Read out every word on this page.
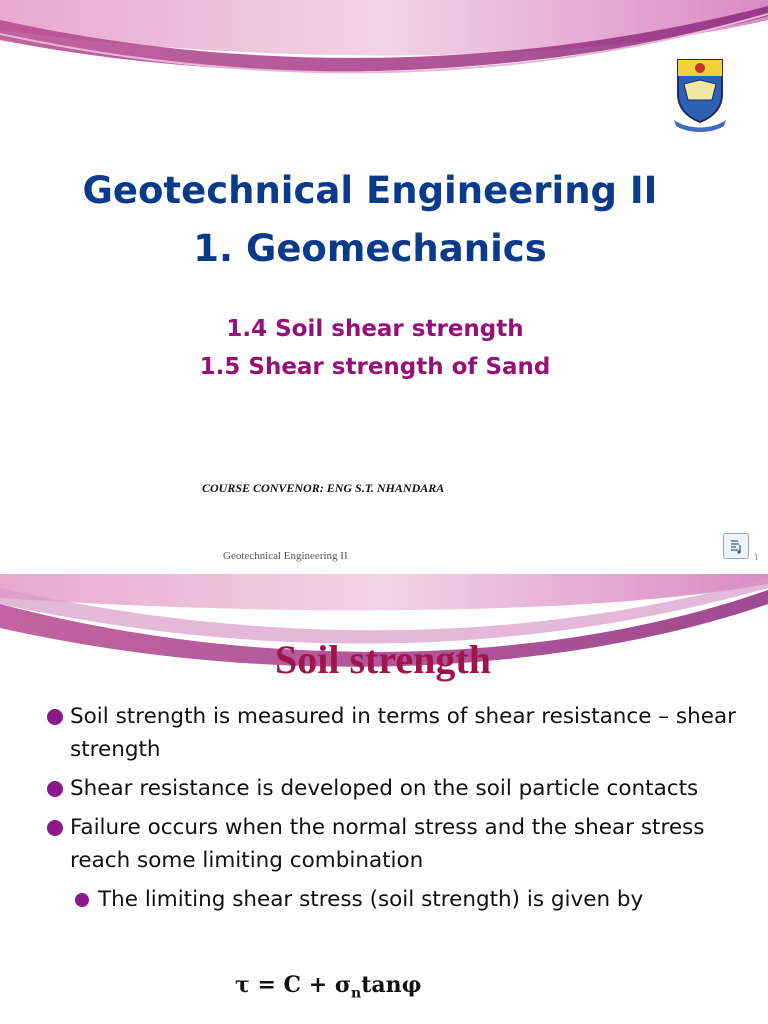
Geotechnical Engineering II
1. Geomechanics
1.4 Soil shear strength
1.5 Shear strength of Sand
COURSE CONVENOR: ENG S.T. NHANDARA
Geotechnical Engineering II	1
Soil strength
Soil strength is measured in terms of shear resistance – shear strength
Shear resistance is developed on the soil particle contacts
Failure occurs when the normal stress and the shear stress reach some limiting combination
The limiting shear stress (soil strength) is given by
$\tau = C + \sigma_n\tan\varphi$
